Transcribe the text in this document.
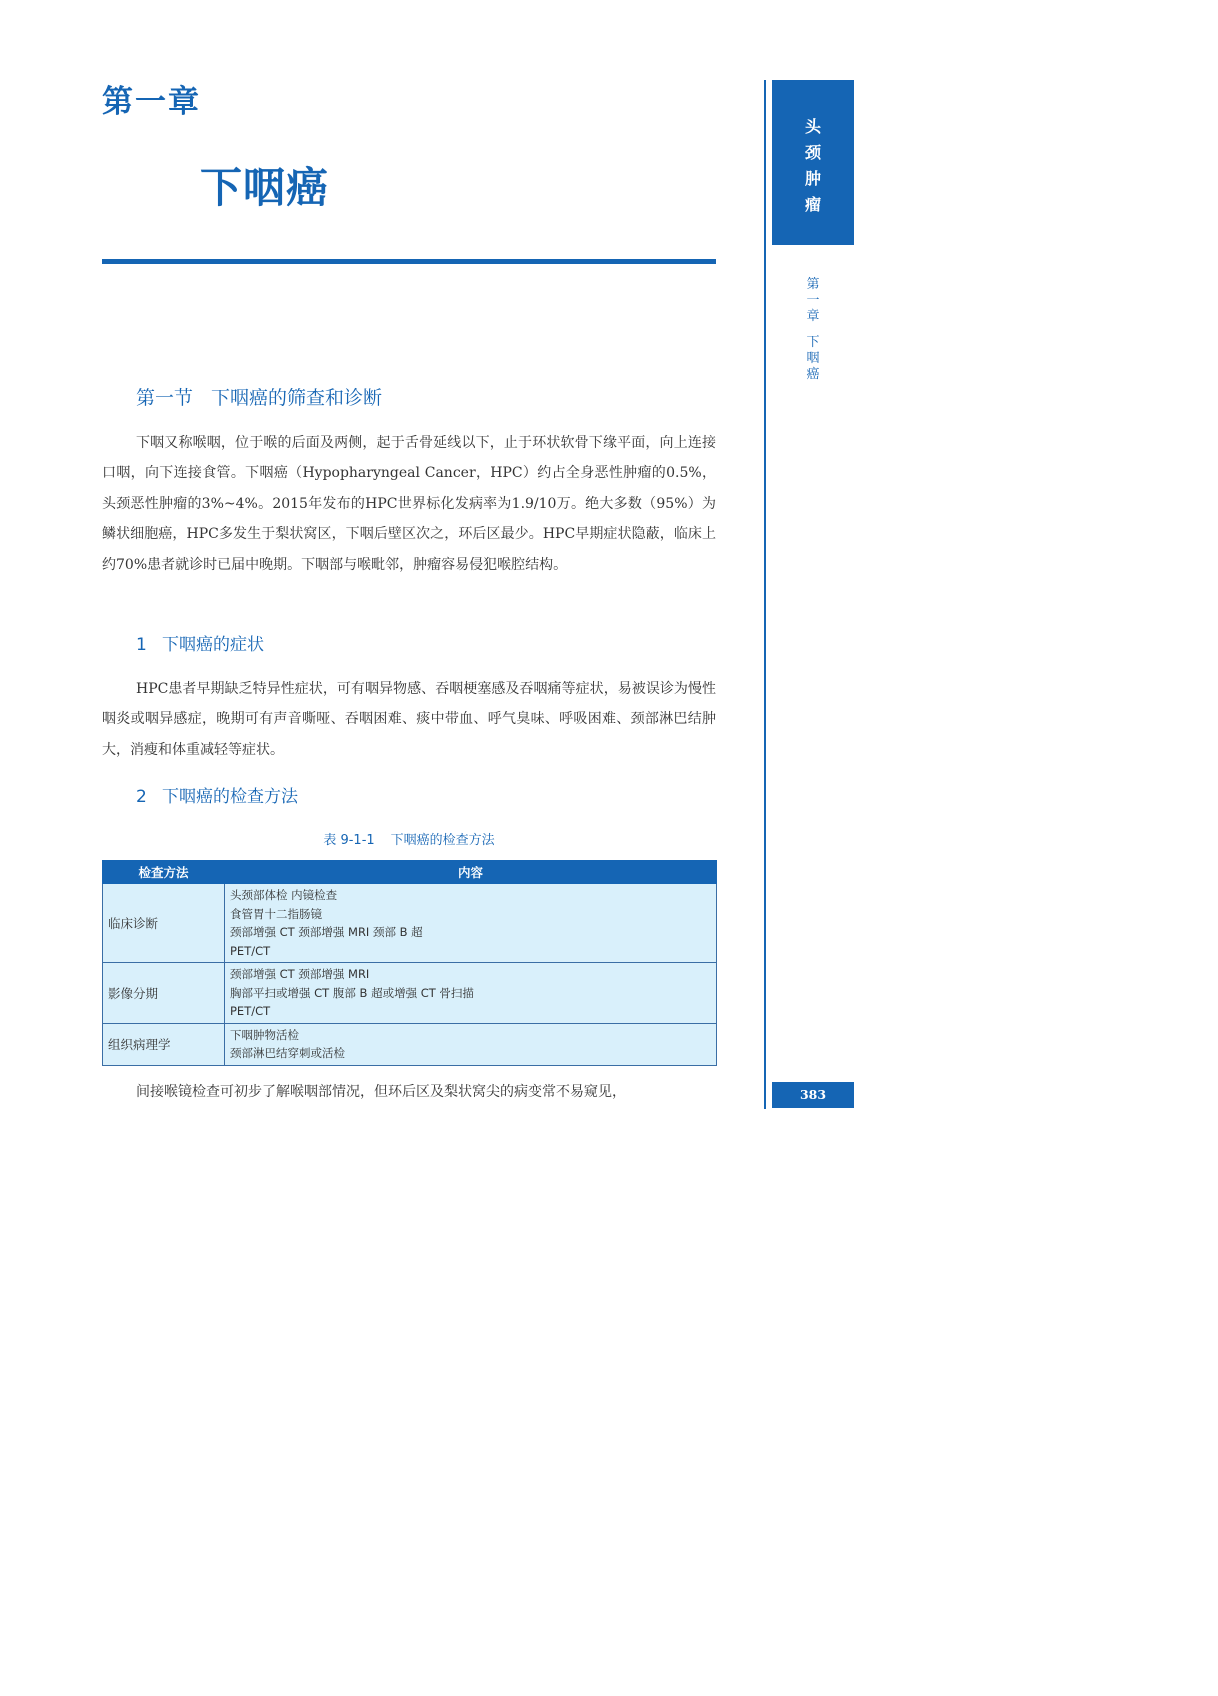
第一章
下咽癌
第一节 下咽癌的筛查和诊断

下咽又称喉咽，位于喉的后面及两侧，起于舌骨延线以下，止于环状软骨下缘平面，向上连接口咽，向下连接食管。下咽癌（Hypopharyngeal Cancer，HPC）约占全身恶性肿瘤的0.5%，头颈恶性肿瘤的3%~4%。2015年发布的HPC世界标化发病率为1.9/10万。绝大多数（95%）为鳞状细胞癌，HPC多发生于梨状窝区，下咽后壁区次之，环后区最少。HPC早期症状隐蔽，临床上约70%患者就诊时已届中晚期。下咽部与喉毗邻，肿瘤容易侵犯喉腔结构。

1 下咽癌的症状

HPC患者早期缺乏特异性症状，可有咽异物感、吞咽梗塞感及吞咽痛等症状，易被误诊为慢性咽炎或咽异感症，晚期可有声音嘶哑、吞咽困难、痰中带血、呼气臭味、呼吸困难、颈部淋巴结肿大，消瘦和体重减轻等症状。

2 下咽癌的检查方法
表 9-1-1 下咽癌的检查方法
检查方法	内容
临床诊断	头颈部体检 内镜检查
食管胃十二指肠镜
颈部增强 CT 颈部增强 MRI 颈部 B 超
PET/CT

影像分期	颈部增强 CT 颈部增强 MRI
胸部平扫或增强 CT 腹部 B 超或增强 CT 骨扫描
PET/CT

组织病理学	下咽肿物活检
颈部淋巴结穿刺或活检

间接喉镜检查可初步了解喉咽部情况，但环后区及梨状窝尖的病变常不易窥见，

头
颈
肿
瘤
第
一
章
下
咽
癌
383
